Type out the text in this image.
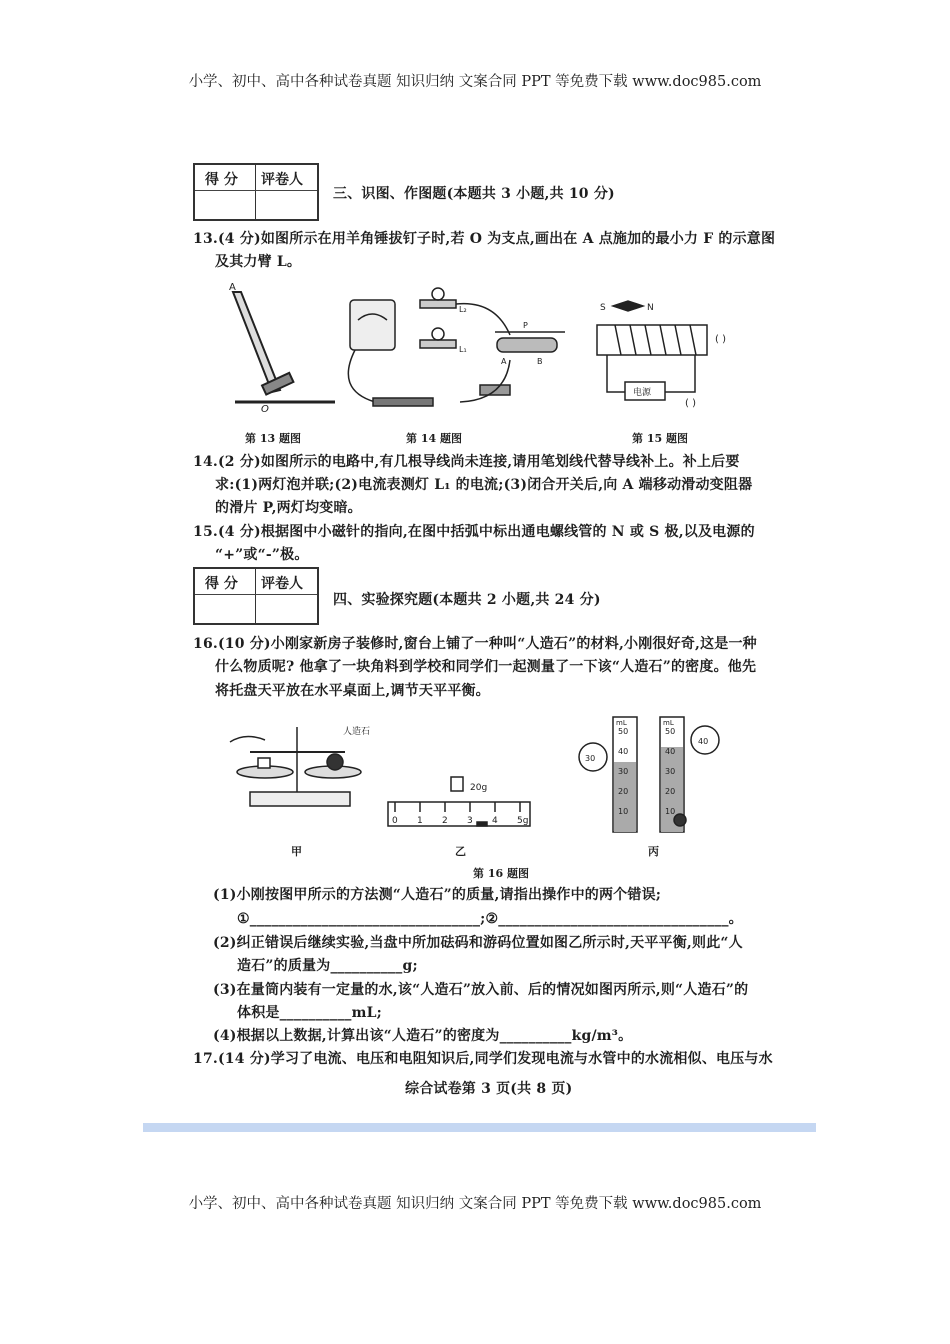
小学、初中、高中各种试卷真题 知识归纳 文案合同 PPT 等免费下载 www.doc985.com
得 分 评卷人
三、识图、作图题(本题共 3 小题,共 10 分)
13.(4 分)如图所示在用羊角锤拔钉子时,若 O 为支点,画出在 A 点施加的最小力 F 的示意图
及其力臂 L。
A
O
L₂
L₁
P
A	B
S	N
电源
( )
( )
第 13 题图	第 14 题图	第 15 题图
14.(2 分)如图所示的电路中,有几根导线尚未连接,请用笔划线代替导线补上。补上后要
求:(1)两灯泡并联;(2)电流表测灯 L₁ 的电流;(3)闭合开关后,向 A 端移动滑动变阻器
的滑片 P,两灯均变暗。
15.(4 分)根据图中小磁针的指向,在图中括弧中标出通电螺线管的 N 或 S 极,以及电源的
“+”或“-”极。
得 分 评卷人
四、实验探究题(本题共 2 小题,共 24 分)
16.(10 分)小刚家新房子装修时,窗台上铺了一种叫“人造石”的材料,小刚很好奇,这是一种
什么物质呢? 他拿了一块角料到学校和同学们一起测量了一下该“人造石”的密度。他先
将托盘天平放在水平桌面上,调节天平平衡。
人造石
20g
0 1 2 3 4 5g
30
40
mL	mL
50
40
30
20
10
50
40
30
20
10
甲	乙	丙
第 16 题图
(1)小刚按图甲所示的方法测“人造石”的质量,请指出操作中的两个错误;
①________________________________;②________________________________。
(2)纠正错误后继续实验,当盘中所加砝码和游码位置如图乙所示时,天平平衡,则此“人
造石”的质量为__________g;
(3)在量筒内装有一定量的水,该“人造石”放入前、后的情况如图丙所示,则“人造石”的
体积是__________mL;
(4)根据以上数据,计算出该“人造石”的密度为__________kg/m³。
17.(14 分)学习了电流、电压和电阻知识后,同学们发现电流与水管中的水流相似、电压与水
综合试卷第 3 页(共 8 页)
小学、初中、高中各种试卷真题 知识归纳 文案合同 PPT 等免费下载 www.doc985.com
